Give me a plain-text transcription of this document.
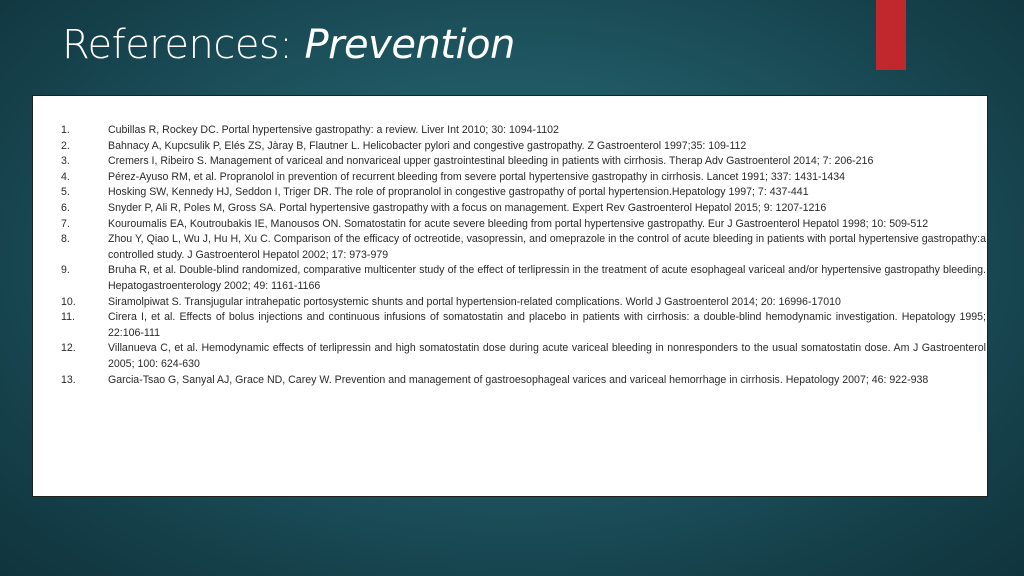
References: Prevention
1.	Cubillas R, Rockey DC. Portal hypertensive gastropathy: a review. Liver Int 2010; 30: 1094-1102
2.	Bahnacy A, Kupcsulik P, Elés ZS, Jàray B, Flautner L. Helicobacter pylori and congestive gastropathy. Z Gastroenterol 1997;35: 109-112
3.	Cremers I, Ribeiro S. Management of variceal and nonvariceal upper gastrointestinal bleeding in patients with cirrhosis. Therap Adv Gastroenterol 2014; 7: 206-216
4.	Pérez-Ayuso RM, et al. Propranolol in prevention of recurrent bleeding from severe portal hypertensive gastropathy in cirrhosis. Lancet 1991; 337: 1431-1434
5.	Hosking SW, Kennedy HJ, Seddon I, Triger DR. The role of propranolol in congestive gastropathy of portal hypertension.Hepatology 1997; 7: 437-441
6.	Snyder P, Ali R, Poles M, Gross SA. Portal hypertensive gastropathy with a focus on management. Expert Rev Gastroenterol Hepatol 2015; 9: 1207-1216
7.	Kouroumalis EA, Koutroubakis IE, Manousos ON. Somatostatin for acute severe bleeding from portal hypertensive gastropathy. Eur J Gastroenterol Hepatol 1998; 10: 509-512
8.	Zhou Y, Qiao L, Wu J, Hu H, Xu C. Comparison of the efficacy of octreotide, vasopressin, and omeprazole in the control of acute bleeding in patients with portal hypertensive gastropathy:a controlled study. J Gastroenterol Hepatol 2002; 17: 973-979
9.	Bruha R, et al. Double-blind randomized, comparative multicenter study of the effect of terlipressin in the treatment of acute esophageal variceal and/or hypertensive gastropathy bleeding. Hepatogastroenterology 2002; 49: 1161-1166
10.	Siramolpiwat S. Transjugular intrahepatic portosystemic shunts and portal hypertension-related complications. World J Gastroenterol 2014; 20: 16996-17010
11.	Cirera I, et al. Effects of bolus injections and continuous infusions of somatostatin and placebo in patients with cirrhosis: a double-blind hemodynamic investigation. Hepatology 1995; 22:106-111
12.	Villanueva C, et al. Hemodynamic effects of terlipressin and high somatostatin dose during acute variceal bleeding in nonresponders to the usual somatostatin dose. Am J Gastroenterol 2005; 100: 624-630
13.	Garcia-Tsao G, Sanyal AJ, Grace ND, Carey W. Prevention and management of gastroesophageal varices and variceal hemorrhage in cirrhosis. Hepatology 2007; 46: 922-938
